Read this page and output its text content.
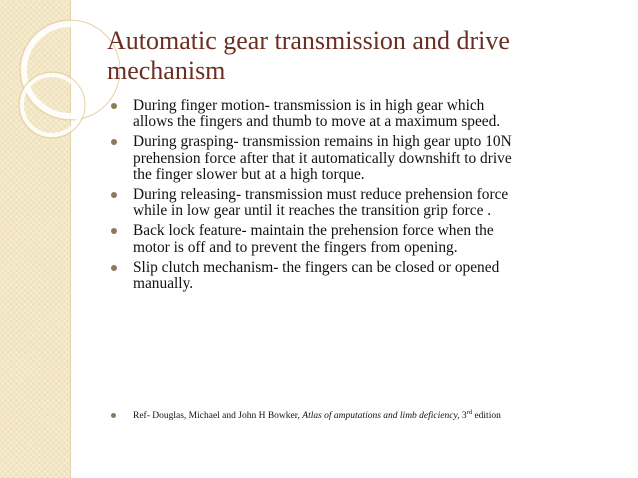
Automatic gear transmission and drive mechanism
During finger motion- transmission is in high gear which allows the fingers and thumb to move at a maximum speed.
During grasping- transmission remains in high gear upto 10N prehension force after that it automatically downshift to drive the finger slower but at a high torque.
During releasing- transmission must reduce prehension force while in low gear until it reaches the transition grip force .
Back lock feature- maintain the prehension force when the motor is off and to prevent the fingers from opening.
Slip clutch mechanism- the fingers can be closed or opened manually.
Ref- Douglas, Michael and John H Bowker, Atlas of amputations and limb deficiency, 3rd edition
